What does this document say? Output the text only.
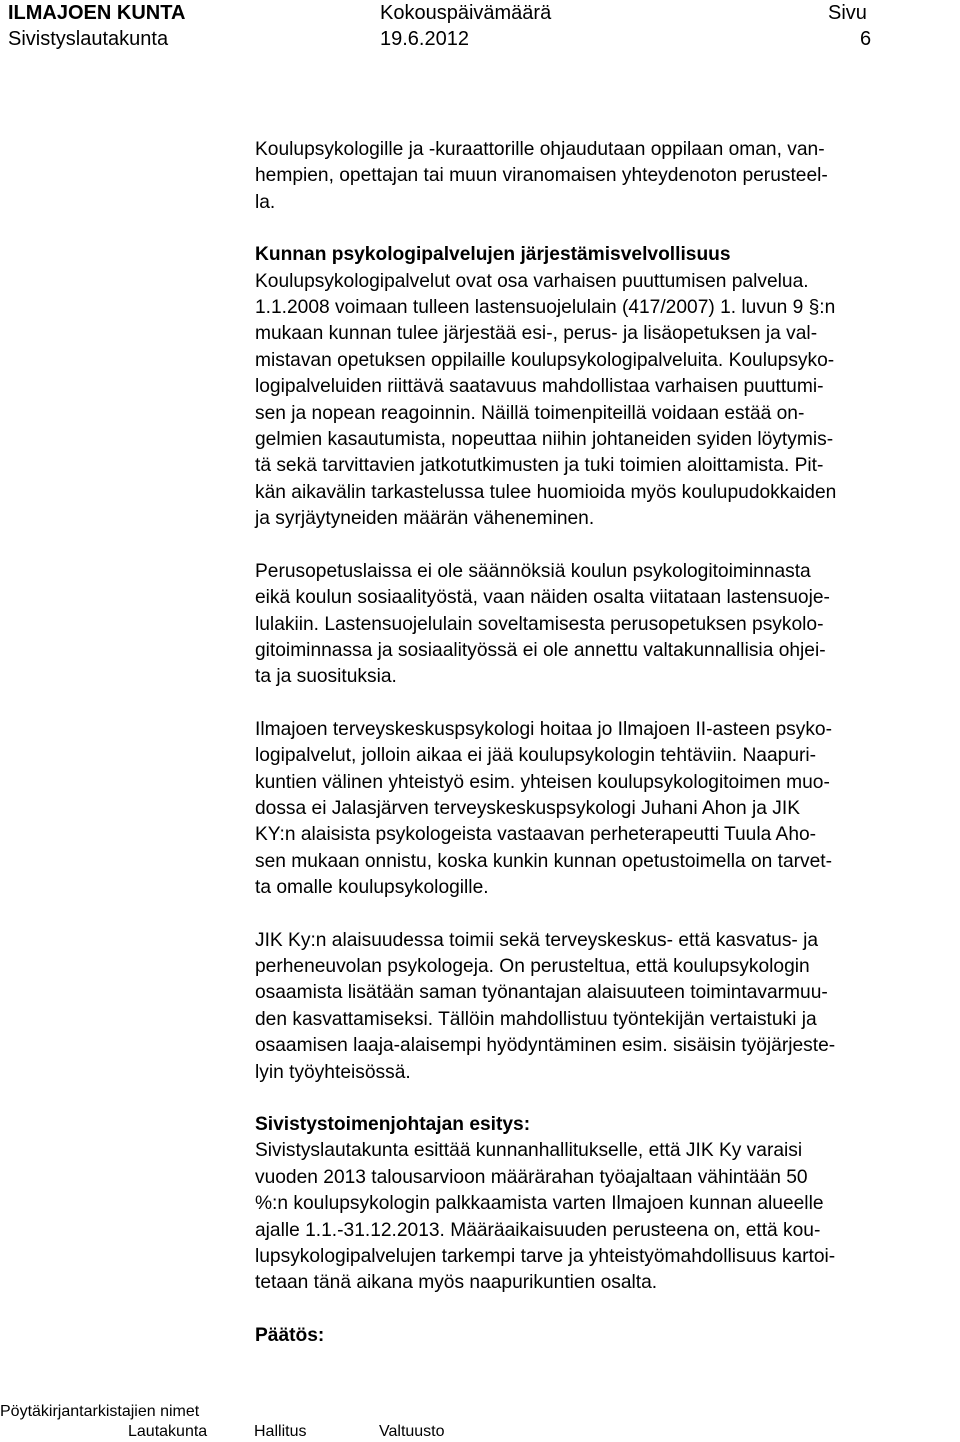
ILMAJOEN KUNTA
Sivistyslautakunta
Kokouspäivämäärä
19.6.2012
Sivu
6
Koulupsykologille ja -kuraattorille ohjaudutaan oppilaan oman, van-
hempien, opettajan tai muun viranomaisen yhteydenoton perusteel-
la.
Kunnan psykologipalvelujen järjestämisvelvollisuus
Koulupsykologipalvelut ovat osa varhaisen puuttumisen palvelua.
1.1.2008 voimaan tulleen lastensuojelulain (417/2007) 1. luvun 9 §:n
mukaan kunnan tulee järjestää esi-, perus- ja lisäopetuksen ja val-
mistavan opetuksen oppilaille koulupsykologipalveluita. Koulupsyko-
logipalveluiden riittävä saatavuus mahdollistaa varhaisen puuttumi-
sen ja nopean reagoinnin. Näillä toimenpiteillä voidaan estää on-
gelmien kasautumista, nopeuttaa niihin johtaneiden syiden löytymis-
tä sekä tarvittavien jatkotutkimusten ja tuki toimien aloittamista. Pit-
kän aikavälin tarkastelussa tulee huomioida myös koulupudokkaiden
ja syrjäytyneiden määrän väheneminen.
Perusopetuslaissa ei ole säännöksiä koulun psykologitoiminnasta
eikä koulun sosiaalityöstä, vaan näiden osalta viitataan lastensuoje-
lulakiin. Lastensuojelulain soveltamisesta perusopetuksen psykolo-
gitoiminnassa ja sosiaalityössä ei ole annettu valtakunnallisia ohjei-
ta ja suosituksia.
Ilmajoen terveyskeskuspsykologi hoitaa jo Ilmajoen II-asteen psyko-
logipalvelut, jolloin aikaa ei jää koulupsykologin tehtäviin. Naapuri-
kuntien välinen yhteistyö esim. yhteisen koulupsykologitoimen muo-
dossa ei Jalasjärven terveyskeskuspsykologi Juhani Ahon ja JIK
KY:n alaisista psykologeista vastaavan perheterapeutti Tuula Aho-
sen mukaan onnistu, koska kunkin kunnan opetustoimella on tarvet-
ta omalle koulupsykologille.
JIK Ky:n alaisuudessa toimii sekä terveyskeskus- että kasvatus- ja
perheneuvolan psykologeja. On perusteltua, että koulupsykologin
osaamista lisätään saman työnantajan alaisuuteen toimintavarmuu-
den kasvattamiseksi. Tällöin mahdollistuu työntekijän vertaistuki ja
osaamisen laaja-alaisempi hyödyntäminen esim. sisäisin työjärjeste-
lyin työyhteisössä.
Sivistystoimenjohtajan esitys:
Sivistyslautakunta esittää kunnanhallitukselle, että JIK Ky varaisi
vuoden 2013 talousarvioon määrärahan työajaltaan vähintään 50
%:n koulupsykologin palkkaamista varten Ilmajoen kunnan alueelle
ajalle 1.1.-31.12.2013. Määräaikaisuuden perusteena on, että kou-
lupsykologipalvelujen tarkempi tarve ja yhteistyömahdollisuus kartoi-
tetaan tänä aikana myös naapurikuntien osalta.
Päätös:
Pöytäkirjantarkistajien nimet
Lautakunta	Hallitus	Valtuusto
